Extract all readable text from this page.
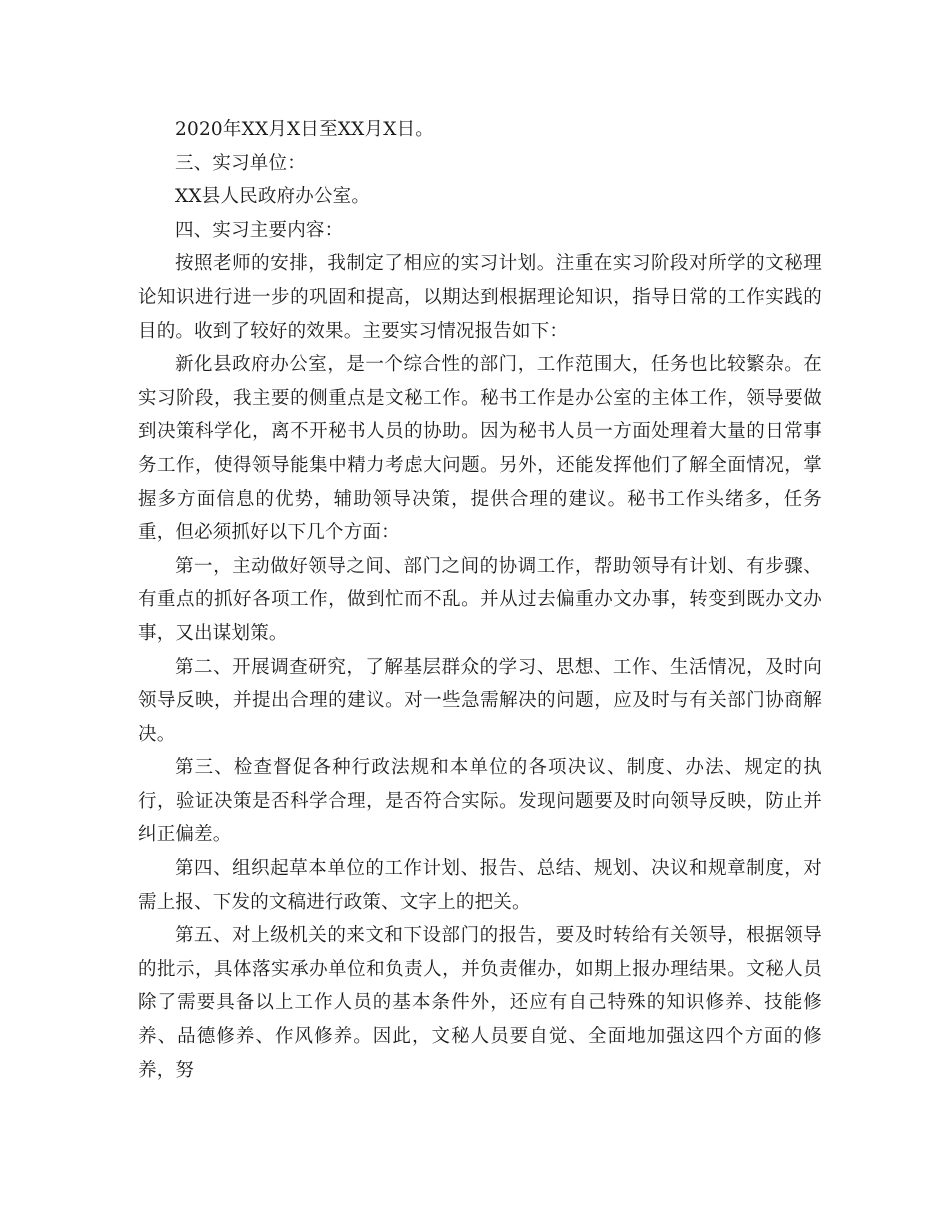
2020年XX月X日至XX月X日。

三、实习单位：

XX县人民政府办公室。

四、实习主要内容：

按照老师的安排，我制定了相应的实习计划。注重在实习阶段对所学的文秘理论知识进行进一步的巩固和提高，以期达到根据理论知识，指导日常的工作实践的目的。收到了较好的效果。主要实习情况报告如下：

新化县政府办公室，是一个综合性的部门，工作范围大，任务也比较繁杂。在实习阶段，我主要的侧重点是文秘工作。秘书工作是办公室的主体工作，领导要做到决策科学化，离不开秘书人员的协助。因为秘书人员一方面处理着大量的日常事务工作，使得领导能集中精力考虑大问题。另外，还能发挥他们了解全面情况，掌握多方面信息的优势，辅助领导决策，提供合理的建议。秘书工作头绪多，任务重，但必须抓好以下几个方面：

第一，主动做好领导之间、部门之间的协调工作，帮助领导有计划、有步骤、有重点的抓好各项工作，做到忙而不乱。并从过去偏重办文办事，转变到既办文办事，又出谋划策。

第二、开展调查研究，了解基层群众的学习、思想、工作、生活情况，及时向领导反映，并提出合理的建议。对一些急需解决的问题，应及时与有关部门协商解决。

第三、检查督促各种行政法规和本单位的各项决议、制度、办法、规定的执行，验证决策是否科学合理，是否符合实际。发现问题要及时向领导反映，防止并纠正偏差。

第四、组织起草本单位的工作计划、报告、总结、规划、决议和规章制度，对需上报、下发的文稿进行政策、文字上的把关。

第五、对上级机关的来文和下设部门的报告，要及时转给有关领导，根据领导的批示，具体落实承办单位和负责人，并负责催办，如期上报办理结果。文秘人员除了需要具备以上工作人员的基本条件外，还应有自己特殊的知识修养、技能修养、品德修养、作风修养。因此，文秘人员要自觉、全面地加强这四个方面的修养，努
